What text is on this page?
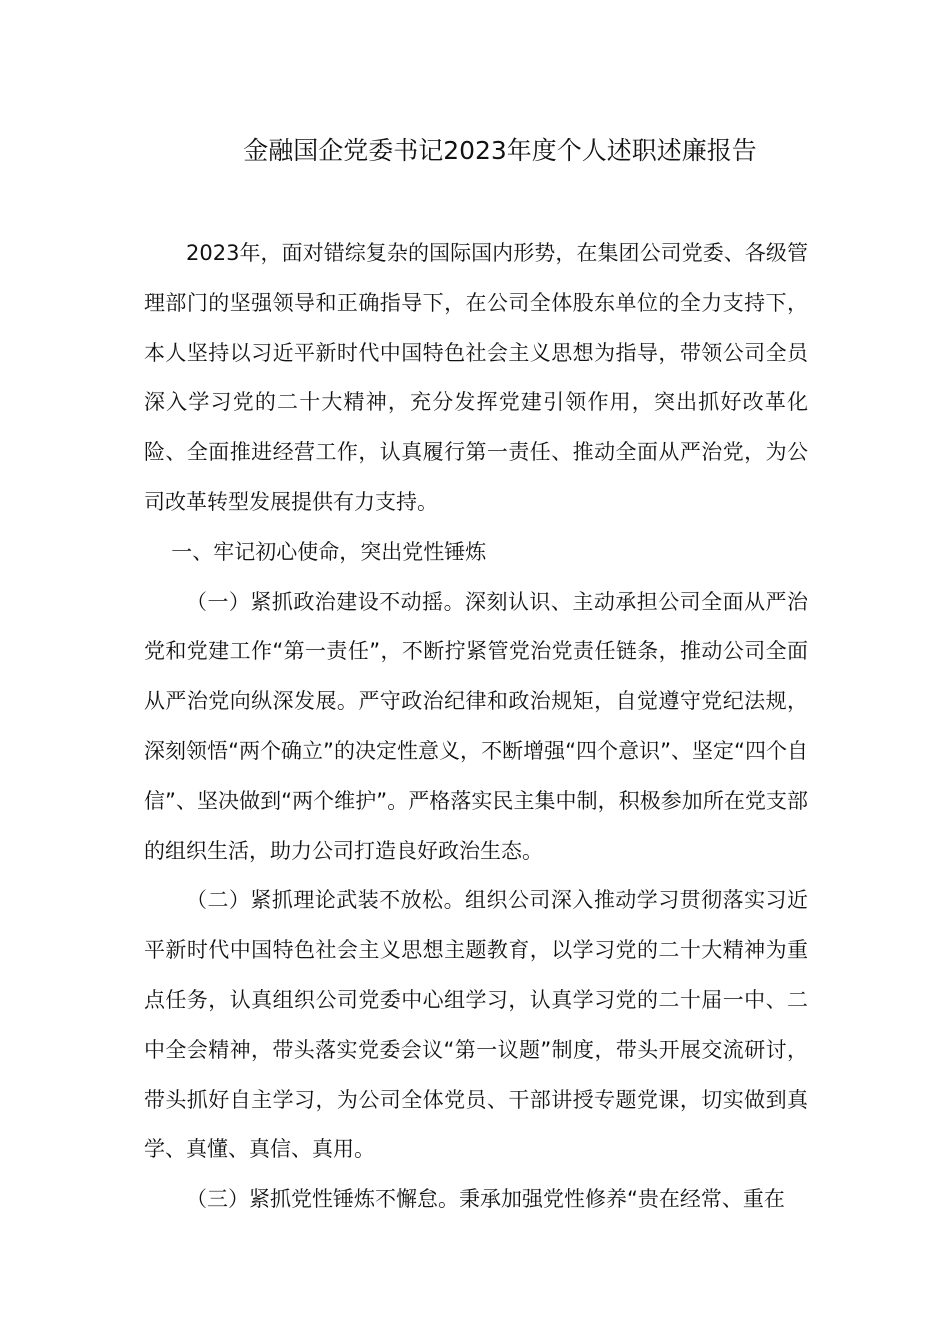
金融国企党委书记2023年度个人述职述廉报告

2023年，面对错综复杂的国际国内形势，在集团公司党委、各级管理部门的坚强领导和正确指导下，在公司全体股东单位的全力支持下，本人坚持以习近平新时代中国特色社会主义思想为指导，带领公司全员深入学习党的二十大精神，充分发挥党建引领作用，突出抓好改革化险、全面推进经营工作，认真履行第一责任、推动全面从严治党，为公司改革转型发展提供有力支持。

一、牢记初心使命，突出党性锤炼

（一）紧抓政治建设不动摇。深刻认识、主动承担公司全面从严治党和党建工作“第一责任”，不断拧紧管党治党责任链条，推动公司全面从严治党向纵深发展。严守政治纪律和政治规矩，自觉遵守党纪法规，深刻领悟“两个确立”的决定性意义，不断增强“四个意识”、坚定“四个自信”、坚决做到“两个维护”。严格落实民主集中制，积极参加所在党支部的组织生活，助力公司打造良好政治生态。

（二）紧抓理论武装不放松。组织公司深入推动学习贯彻落实习近平新时代中国特色社会主义思想主题教育，以学习党的二十大精神为重点任务，认真组织公司党委中心组学习，认真学习党的二十届一中、二中全会精神，带头落实党委会议“第一议题”制度，带头开展交流研讨，带头抓好自主学习，为公司全体党员、干部讲授专题党课，切实做到真学、真懂、真信、真用。

（三）紧抓党性锤炼不懈怠。秉承加强党性修养“贵在经常、重在
